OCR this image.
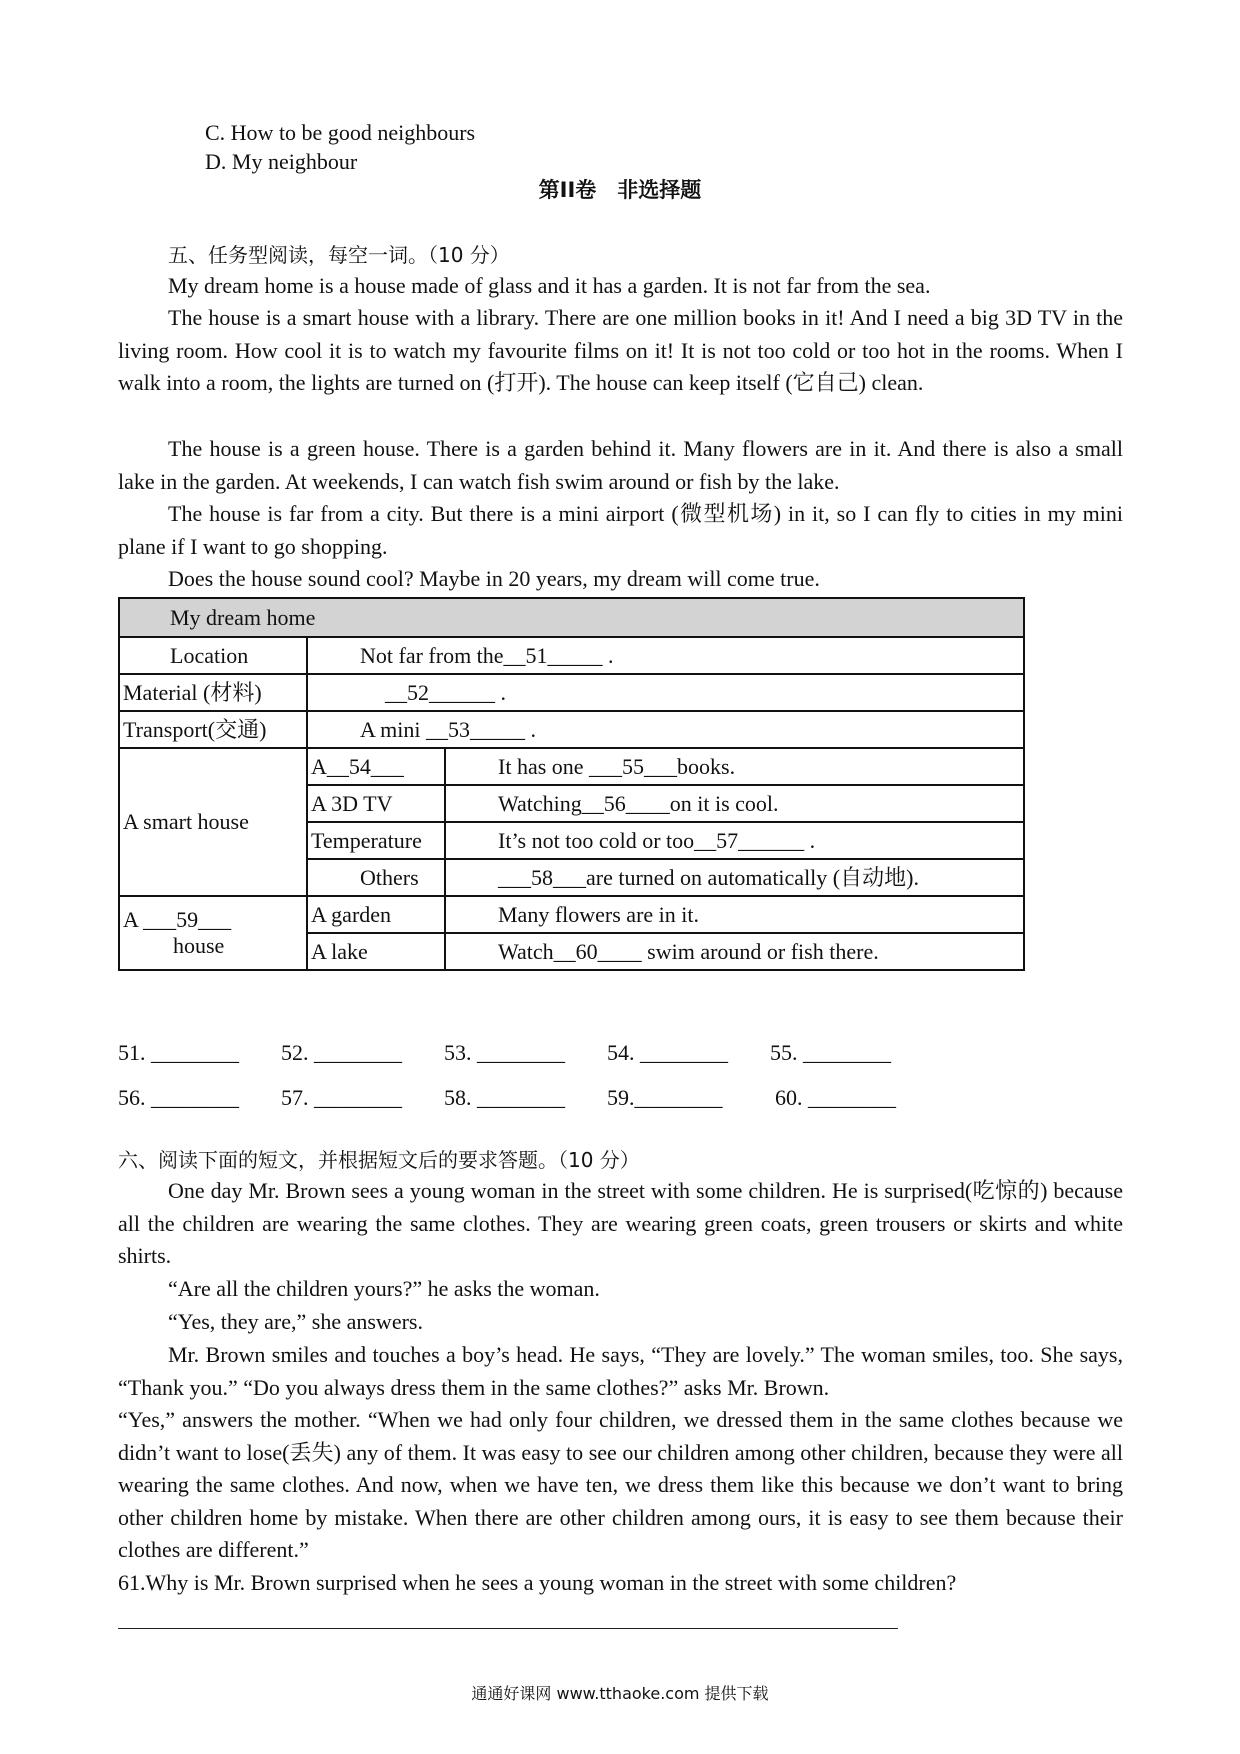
C. How to be good neighbours
D. My neighbour
第II卷　非选择题
五、任务型阅读，每空一词。（10 分）

My dream home is a house made of glass and it has a garden. It is not far from the sea.

The house is a smart house with a library. There are one million books in it! And I need a big 3D TV in the living room. How cool it is to watch my favourite films on it! It is not too cold or too hot in the rooms. When I walk into a room, the lights are turned on (打开). The house can keep itself (它自己) clean.

The house is a green house. There is a garden behind it. Many flowers are in it. And there is also a small lake in the garden. At weekends, I can watch fish swim around or fish by the lake.

The house is far from a city. But there is a mini airport (微型机场) in it, so I can fly to cities in my mini plane if I want to go shopping.

Does the house sound cool? Maybe in 20 years, my dream will come true.

My dream home		
Location	Not far from the__51_____ .	
Material (材料)	__52______ .	
Transport(交通)	A mini __53_____ .	
A smart house	A__54___	It has one ___55___books.
	A 3D TV	Watching__56____on it is cool.
	Temperature	It’s not too cold or too__57______ .
	Others	___58___are turned on automatically (自动地).

A ___59___
house	A garden	Many flowers are in it.
	A lake	Watch__60____ swim around or fish there.
51. ________ 52. ________ 53. ________ 54. ________ 55. ________
56. ________ 57. ________ 58. ________ 59.________ 60. ________
六、阅读下面的短文，并根据短文后的要求答题。（10 分）

One day Mr. Brown sees a young woman in the street with some children. He is surprised(吃惊的) because all the children are wearing the same clothes. They are wearing green coats, green trousers or skirts and white shirts.

“Are all the children yours?” he asks the woman.

“Yes, they are,” she answers.

Mr. Brown smiles and touches a boy’s head. He says, “They are lovely.” The woman smiles, too. She says, “Thank you.” “Do you always dress them in the same clothes?” asks Mr. Brown.

“Yes,” answers the mother. “When we had only four children, we dressed them in the same clothes because we didn’t want to lose(丢失) any of them. It was easy to see our children among other children, because they were all wearing the same clothes. And now, when we have ten, we dress them like this because we don’t want to bring other children home by mistake. When there are other children among ours, it is easy to see them because their clothes are different.”

61.Why is Mr. Brown surprised when he sees a young woman in the street with some children?

通通好课网 www.tthaoke.com 提供下载
